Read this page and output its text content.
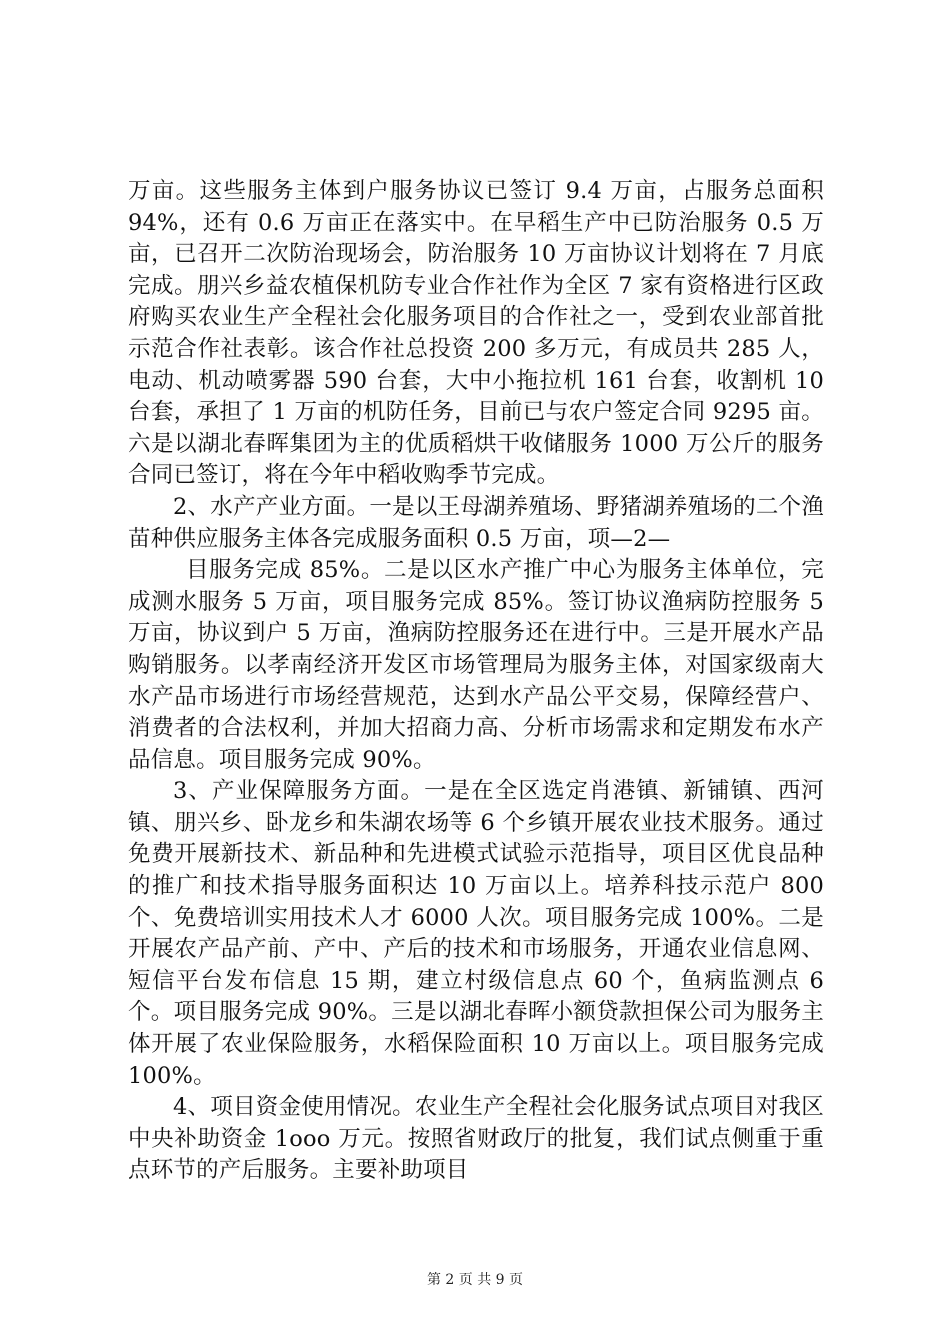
万亩。这些服务主体到户服务协议已签订 9.4 万亩，占服务总面积 94%，还有 0.6 万亩正在落实中。在早稻生产中已防治服务 0.5 万亩，已召开二次防治现场会，防治服务 10 万亩协议计划将在 7 月底完成。朋兴乡益农植保机防专业合作社作为全区 7 家有资格进行区政府购买农业生产全程社会化服务项目的合作社之一，受到农业部首批示范合作社表彰。该合作社总投资 200 多万元，有成员共 285 人，电动、机动喷雾器 590 台套，大中小拖拉机 161 台套，收割机 10 台套，承担了 1 万亩的机防任务，目前已与农户签定合同 9295 亩。六是以湖北春晖集团为主的优质稻烘干收储服务 1000 万公斤的服务合同已签订，将在今年中稻收购季节完成。

2、水产产业方面。一是以王母湖养殖场、野猪湖养殖场的二个渔苗种供应服务主体各完成服务面积 0.5 万亩，项—2—

目服务完成 85%。二是以区水产推广中心为服务主体单位，完成测水服务 5 万亩，项目服务完成 85%。签订协议渔病防控服务 5 万亩，协议到户 5 万亩，渔病防控服务还在进行中。三是开展水产品购销服务。以孝南经济开发区市场管理局为服务主体，对国家级南大水产品市场进行市场经营规范，达到水产品公平交易，保障经营户、消费者的合法权利，并加大招商力高、分析市场需求和定期发布水产品信息。项目服务完成 90%。

3、产业保障服务方面。一是在全区选定肖港镇、新铺镇、西河镇、朋兴乡、卧龙乡和朱湖农场等 6 个乡镇开展农业技术服务。通过免费开展新技术、新品种和先进模式试验示范指导，项目区优良品种的推广和技术指导服务面积达 10 万亩以上。培养科技示范户 800 个、免费培训实用技术人才 6000 人次。项目服务完成 100%。二是开展农产品产前、产中、产后的技术和市场服务，开通农业信息网、短信平台发布信息 15 期，建立村级信息点 60 个，鱼病监测点 6 个。项目服务完成 90%。三是以湖北春晖小额贷款担保公司为服务主体开展了农业保险服务，水稻保险面积 10 万亩以上。项目服务完成 100%。

4、项目资金使用情况。农业生产全程社会化服务试点项目对我区中央补助资金 1ooo 万元。按照省财政厅的批复，我们试点侧重于重点环节的产后服务。主要补助项目

第 2 页 共 9 页
